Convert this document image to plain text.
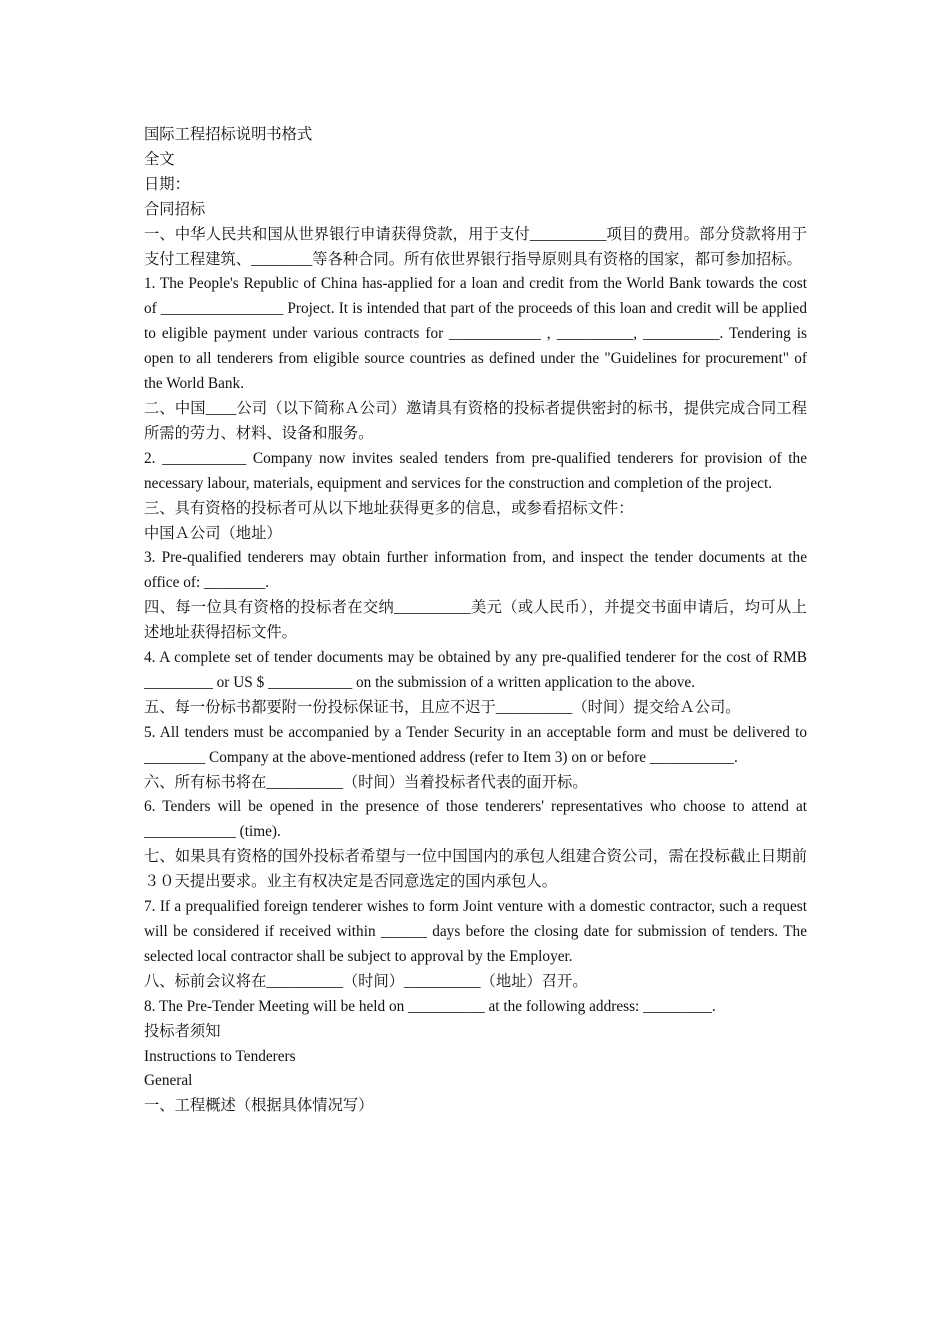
国际工程招标说明书格式

全文

日期：

合同招标

一、中华人民共和国从世界银行申请获得贷款，用于支付__________项目的费用。部分贷款将用于支付工程建筑、________等各种合同。所有依世界银行指导原则具有资格的国家，都可参加招标。

1. The People's Republic of China has-applied for a loan and credit from the World Bank towards the cost of ________________ Project. It is intended that part of the proceeds of this loan and credit will be applied to eligible payment under various contracts for ____________ , __________, __________. Tendering is open to all tenderers from eligible source countries as defined under the "Guidelines for procurement" of the World Bank.

二、中国____公司（以下简称Ａ公司）邀请具有资格的投标者提供密封的标书，提供完成合同工程所需的劳力、材料、设备和服务。

2. ___________ Company now invites sealed tenders from pre-qualified tenderers for provision of the necessary labour, materials, equipment and services for the construction and completion of the project.

三、具有资格的投标者可从以下地址获得更多的信息，或参看招标文件：

中国Ａ公司（地址）

3. Pre-qualified tenderers may obtain further information from, and inspect the tender documents at the office of: ________.

四、每一位具有资格的投标者在交纳__________美元（或人民币），并提交书面申请后，均可从上述地址获得招标文件。

4. A complete set of tender documents may be obtained by any pre-qualified tenderer for the cost of RMB _________ or US $ ___________ on the submission of a written application to the above.

五、每一份标书都要附一份投标保证书，且应不迟于__________（时间）提交给Ａ公司。

5. All tenders must be accompanied by a Tender Security in an acceptable form and must be delivered to ________ Company at the above-mentioned address (refer to Item 3) on or before ___________.

六、所有标书将在__________（时间）当着投标者代表的面开标。

6. Tenders will be opened in the presence of those tenderers' representatives who choose to attend at ____________ (time).

七、如果具有资格的国外投标者希望与一位中国国内的承包人组建合资公司，需在投标截止日期前３０天提出要求。业主有权决定是否同意选定的国内承包人。

7. If a prequalified foreign tenderer wishes to form Joint venture with a domestic contractor, such a request will be considered if received within ______ days before the closing date for submission of tenders. The selected local contractor shall be subject to approval by the Employer.

八、标前会议将在__________（时间）__________（地址）召开。

8. The Pre-Tender Meeting will be held on __________ at the following address: _________.

投标者须知

Instructions to Tenderers

General

一、工程概述（根据具体情况写）
